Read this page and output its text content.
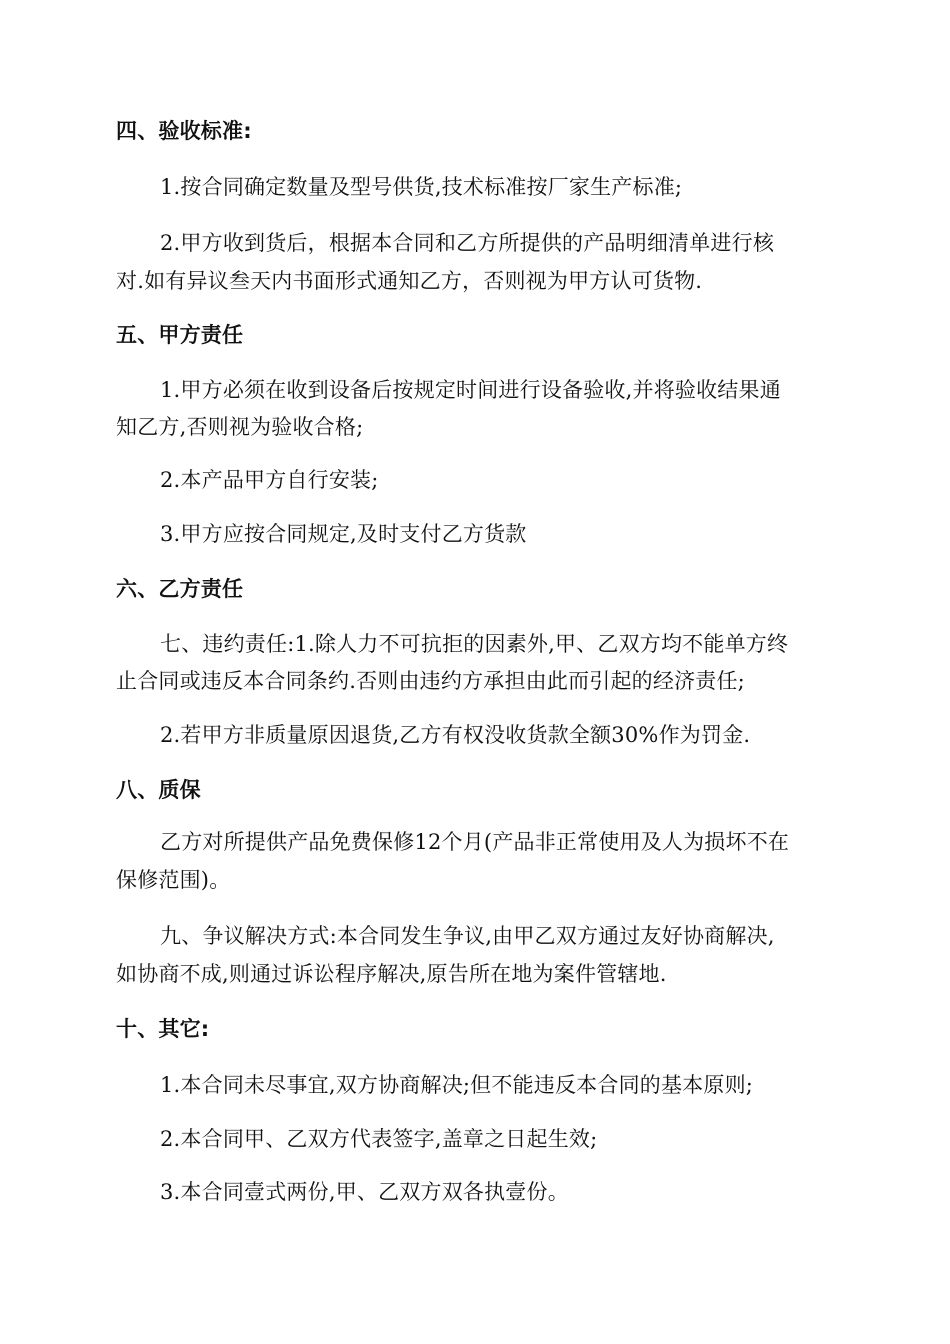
四、验收标准:
1.按合同确定数量及型号供货,技术标准按厂家生产标准;
2.甲方收到货后，根据本合同和乙方所提供的产品明细清单进行核
对.如有异议叁天内书面形式通知乙方，否则视为甲方认可货物.
五、甲方责任
1.甲方必须在收到设备后按规定时间进行设备验收,并将验收结果通
知乙方,否则视为验收合格;
2.本产品甲方自行安装;
3.甲方应按合同规定,及时支付乙方货款
六、乙方责任
七、违约责任:1.除人力不可抗拒的因素外,甲、乙双方均不能单方终
止合同或违反本合同条约.否则由违约方承担由此而引起的经济责任;
2.若甲方非质量原因退货,乙方有权没收货款全额30%作为罚金.
八、质保
乙方对所提供产品免费保修12个月(产品非正常使用及人为损坏不在
保修范围)。
九、争议解决方式:本合同发生争议,由甲乙双方通过友好协商解决,
如协商不成,则通过诉讼程序解决,原告所在地为案件管辖地.
十、其它:
1.本合同未尽事宜,双方协商解决;但不能违反本合同的基本原则;
2.本合同甲、乙双方代表签字,盖章之日起生效;
3.本合同壹式两份,甲、乙双方双各执壹份。
